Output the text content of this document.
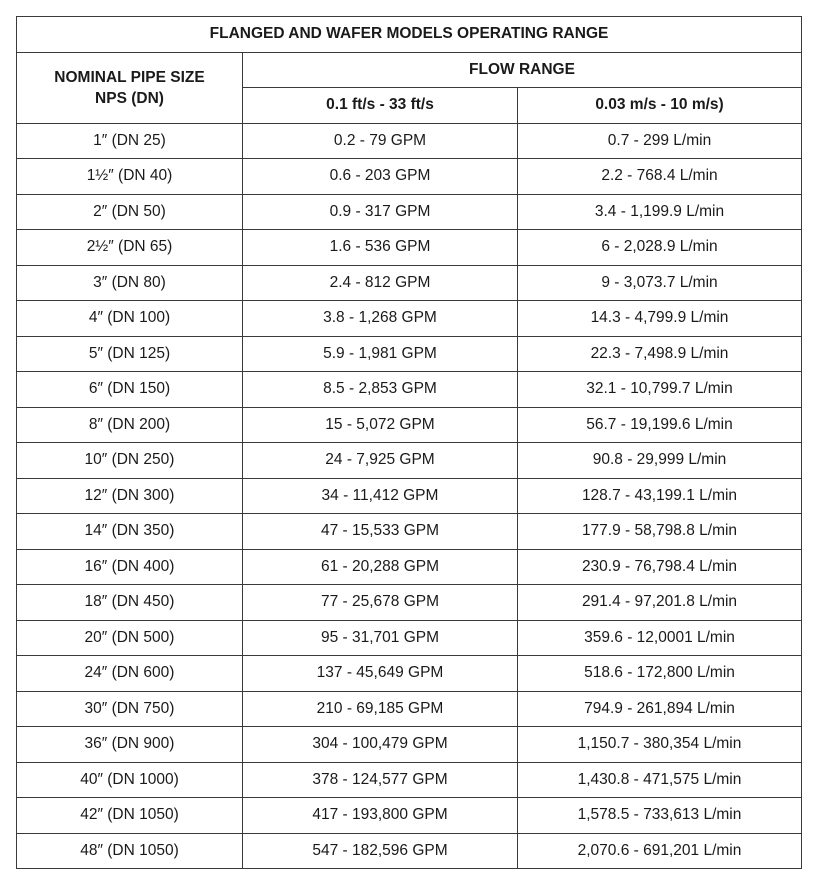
FLANGED AND WAFER MODELS OPERATING RANGE		
NOMINAL PIPE SIZE
NPS (DN)	FLOW RANGE	
	0.1 ft/s - 33 ft/s	0.03 m/s - 10 m/s)
1″ (DN 25)	0.2 - 79 GPM	0.7 - 299 L/min
1½″ (DN 40)	0.6 - 203 GPM	2.2 - 768.4 L/min
2″ (DN 50)	0.9 - 317 GPM	3.4 - 1,199.9 L/min
2½″ (DN 65)	1.6 - 536 GPM	6 - 2,028.9 L/min
3″ (DN 80)	2.4 - 812 GPM	9 - 3,073.7 L/min
4″ (DN 100)	3.8 - 1,268 GPM	14.3 - 4,799.9 L/min
5″ (DN 125)	5.9 - 1,981 GPM	22.3 - 7,498.9 L/min
6″ (DN 150)	8.5 - 2,853 GPM	32.1 - 10,799.7 L/min
8″ (DN 200)	15 - 5,072 GPM	56.7 - 19,199.6 L/min
10″ (DN 250)	24 - 7,925 GPM	90.8 - 29,999 L/min
12″ (DN 300)	34 - 11,412 GPM	128.7 - 43,199.1 L/min
14″ (DN 350)	47 - 15,533 GPM	177.9 - 58,798.8 L/min
16″ (DN 400)	61 - 20,288 GPM	230.9 - 76,798.4 L/min
18″ (DN 450)	77 - 25,678 GPM	291.4 - 97,201.8 L/min
20″ (DN 500)	95 - 31,701 GPM	359.6 - 12,0001 L/min
24″ (DN 600)	137 - 45,649 GPM	518.6 - 172,800 L/min
30″ (DN 750)	210 - 69,185 GPM	794.9 - 261,894 L/min
36″ (DN 900)	304 - 100,479 GPM	1,150.7 - 380,354 L/min
40″ (DN 1000)	378 - 124,577 GPM	1,430.8 - 471,575 L/min
42″ (DN 1050)	417 - 193,800 GPM	1,578.5 - 733,613 L/min
48″ (DN 1050)	547 - 182,596 GPM	2,070.6 - 691,201 L/min
